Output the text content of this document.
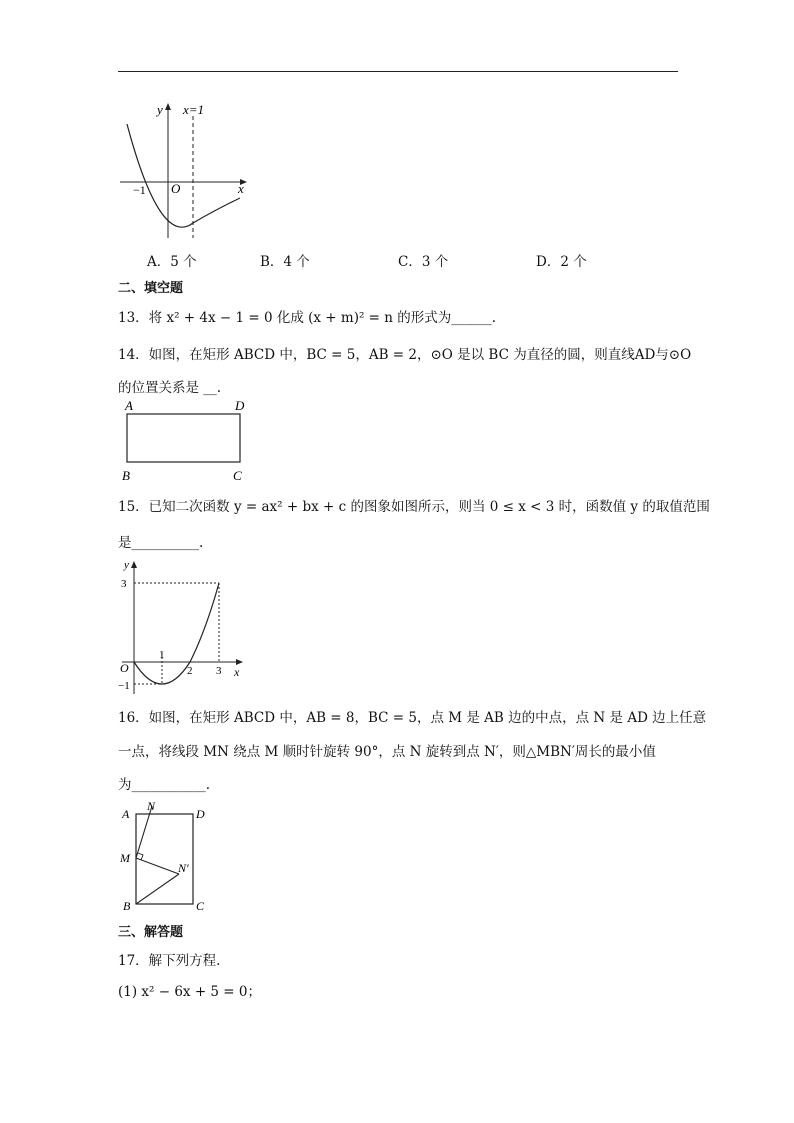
y
x
O
−1
x=1
A．5 个	B．4 个	C．3 个	D．2 个
二、填空题
13．将 x² + 4x − 1 = 0 化成 (x + m)² = n 的形式为______.
14．如图，在矩形 ABCD 中，BC = 5，AB = 2，⊙O 是以 BC 为直径的圆，则直线AD与⊙O
的位置关系是 __.
A	D
B	C
15．已知二次函数 y = ax² + bx + c 的图象如图所示，则当 0 ≤ x < 3 时，函数值 y 的取值范围
是__________.
y
x
O
3
−1
1
2 3
16．如图，在矩形 ABCD 中，AB = 8，BC = 5，点 M 是 AB 边的中点，点 N 是 AD 边上任意
一点，将线段 MN 绕点 M 顺时针旋转 90°，点 N 旋转到点 N′，则△MBN′周长的最小值
为___________.
A
N
D
M
N′
B	C
三、解答题
17．解下列方程.
(1) x² − 6x + 5 = 0；
